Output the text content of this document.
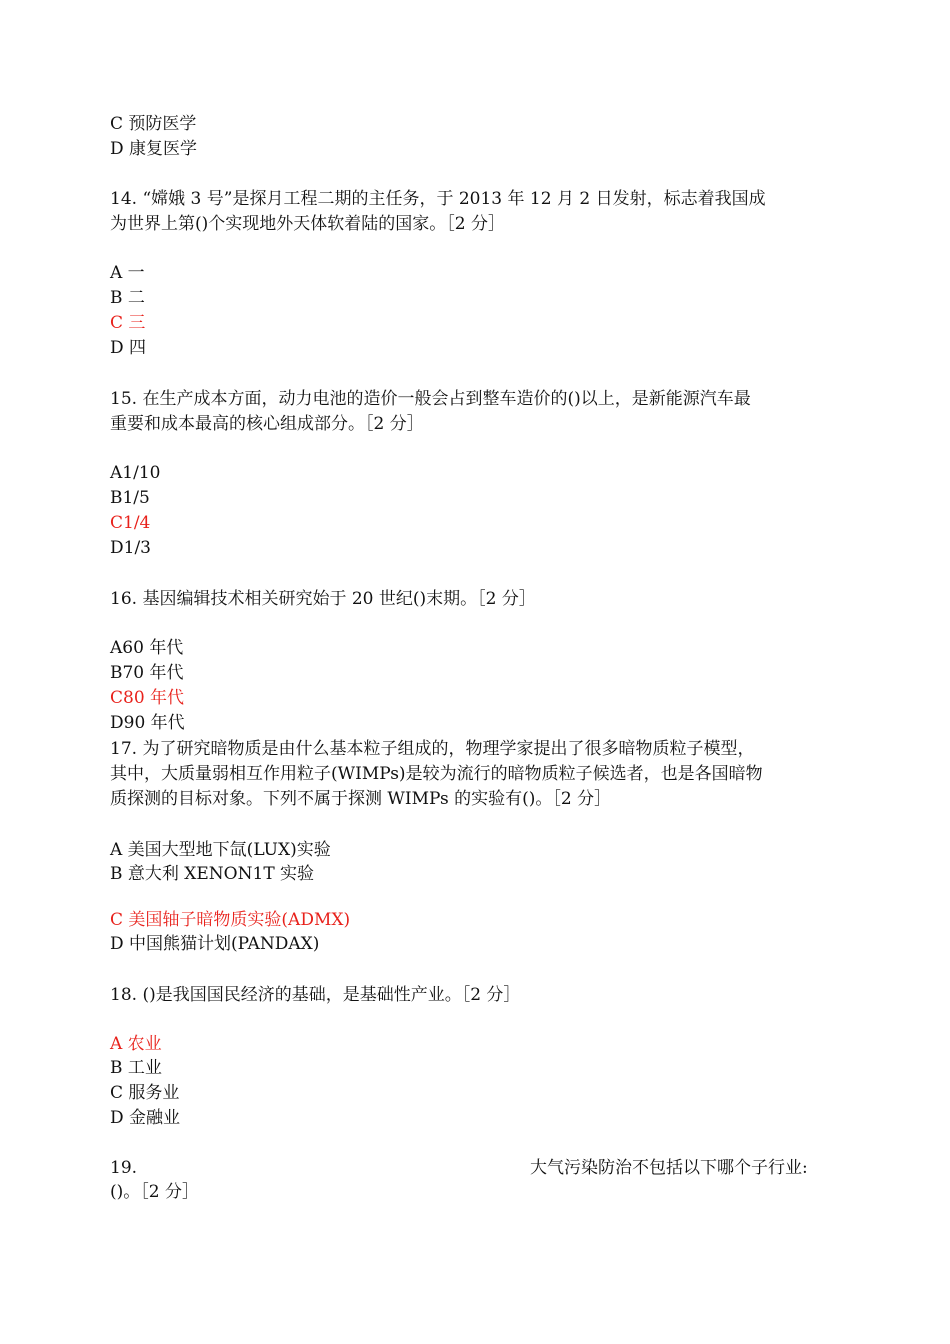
C 预防医学
D 康复医学
14. “嫦娥 3 号”是探月工程二期的主任务，于 2013 年 12 月 2 日发射，标志着我国成
为世界上第()个实现地外天体软着陆的国家。［2 分］
A 一
B 二
C 三
D 四
15. 在生产成本方面，动力电池的造价一般会占到整车造价的()以上，是新能源汽车最
重要和成本最高的核心组成部分。［2 分］
A1/10
B1/5
C1/4
D1/3
16. 基因编辑技术相关研究始于 20 世纪()末期。［2 分］
A60 年代
B70 年代
C80 年代
D90 年代
17. 为了研究暗物质是由什么基本粒子组成的，物理学家提出了很多暗物质粒子模型，
其中，大质量弱相互作用粒子(WIMPs)是较为流行的暗物质粒子候选者，也是各国暗物
质探测的目标对象。下列不属于探测 WIMPs 的实验有()。［2 分］
A 美国大型地下氙(LUX)实验
B 意大利 XENON1T 实验
C 美国轴子暗物质实验(ADMX)
D 中国熊猫计划(PANDAX)
18. ()是我国国民经济的基础，是基础性产业。［2 分］
A 农业
B 工业
C 服务业
D 金融业
19.	大气污染防治不包括以下哪个子行业:
()。［2 分］
